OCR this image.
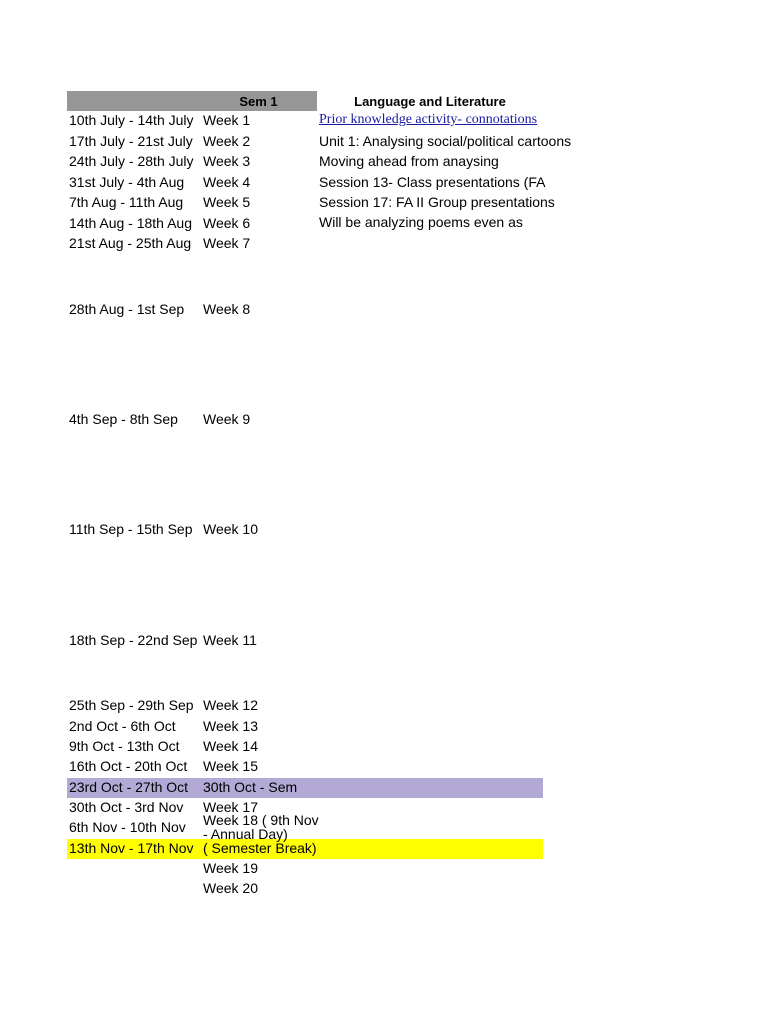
Sem 1	Language and Literature
10th July - 14th July Week 1	Prior knowledge activity- connotations
17th July - 21st July Week 2	Unit 1: Analysing social/political cartoons
24th July - 28th July Week 3	Moving ahead from anaysing
31st July - 4th Aug	Week 4	Session 13- Class presentations (FA
7th Aug - 11th Aug	Week 5	Session 17: FA II Group presentations
14th Aug - 18th Aug Week 6	Will be analyzing poems even as
21st Aug - 25th Aug Week 7
28th Aug - 1st Sep	Week 8
4th Sep - 8th Sep	Week 9
11th Sep - 15th Sep Week 10
18th Sep - 22nd Sep Week 11
25th Sep - 29th Sep Week 12
2nd Oct - 6th Oct	Week 13
9th Oct - 13th Oct	Week 14
16th Oct - 20th Oct	Week 15
23rd Oct - 27th Oct	30th Oct - Sem
30th Oct - 3rd Nov	Week 17
6th Nov - 10th Nov	Week 18 ( 9th Nov - Annual Day)
13th Nov - 17th Nov ( Semester Break)
Week 19
Week 20
